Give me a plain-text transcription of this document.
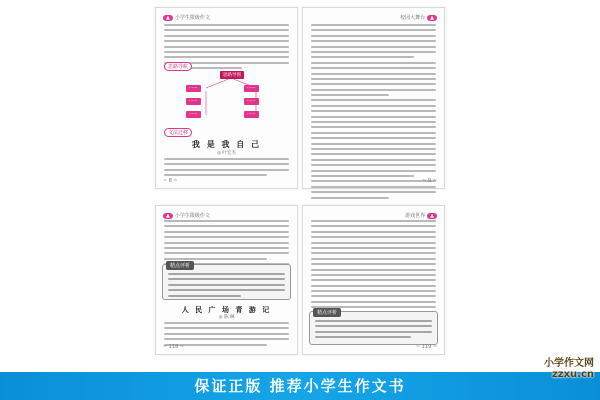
▲ 小学生限级作文
思路导航
思路导图
······
······
······
······
······
······
文法迁移
我 是 我 自 己
◎ 叶宏杰
~ 8 ~
校园大舞台 ▲
~ 9 ~
▲ 小学生限级作文
精点评析
人 民 广 场 青 游 记
◎ 陈 琳
~ 118 ~
游戏世界 ▲
精点评析
~ 119 ~
保证正版 推荐小学生作文书
小学作文网
zzxu.cn
